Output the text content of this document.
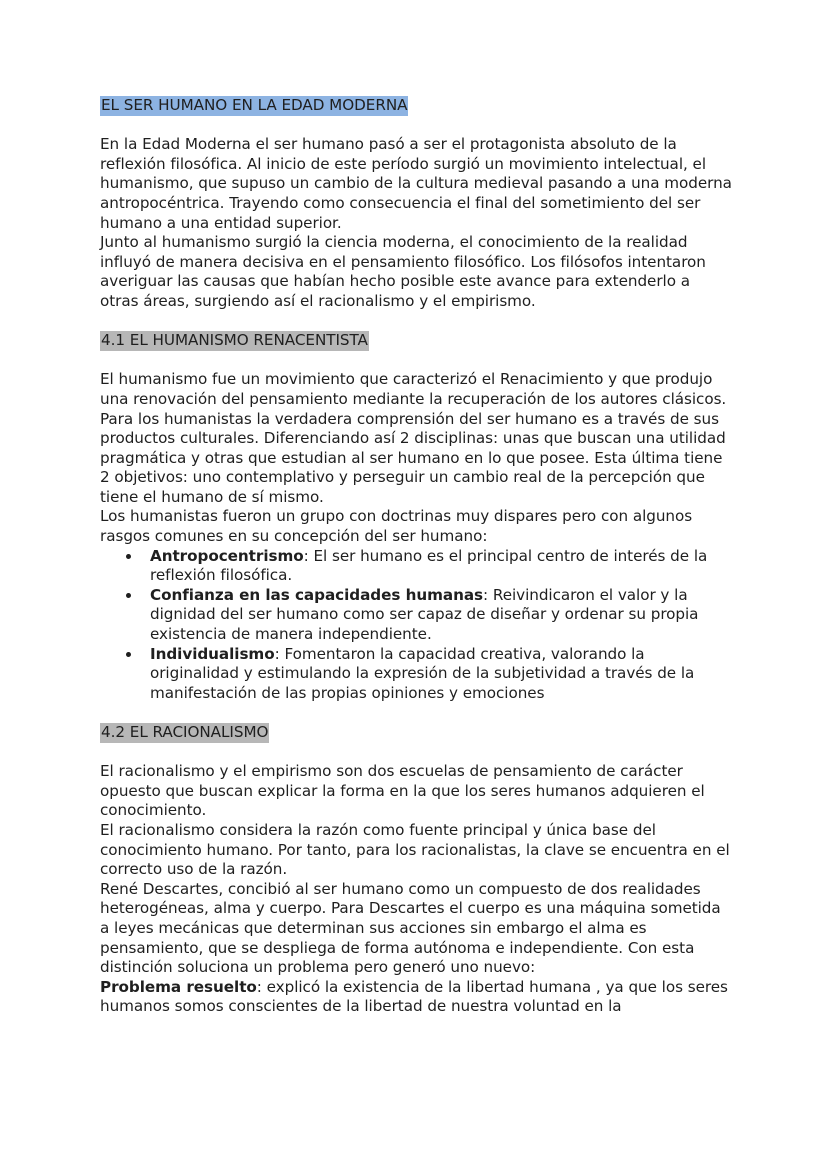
EL SER HUMANO EN LA EDAD MODERNA

En la Edad Moderna el ser humano pasó a ser el protagonista absoluto de la reflexión filosófica. Al inicio de este período surgió un movimiento intelectual, el humanismo, que supuso un cambio de la cultura medieval pasando a una moderna antropocéntrica. Trayendo como consecuencia el final del sometimiento del ser humano a una entidad superior.

Junto al humanismo surgió la ciencia moderna, el conocimiento de la realidad influyó de manera decisiva en el pensamiento filosófico. Los filósofos intentaron averiguar las causas que habían hecho posible este avance para extenderlo a otras áreas, surgiendo así el racionalismo y el empirismo.

4.1 EL HUMANISMO RENACENTISTA

El humanismo fue un movimiento que caracterizó el Renacimiento y que produjo una renovación del pensamiento mediante la recuperación de los autores clásicos. Para los humanistas la verdadera comprensión del ser humano es a través de sus productos culturales. Diferenciando así 2 disciplinas: unas que buscan una utilidad pragmática y otras que estudian al ser humano en lo que posee. Esta última tiene 2 objetivos: uno contemplativo y perseguir un cambio real de la percepción que tiene el humano de sí mismo.

Los humanistas fueron un grupo con doctrinas muy dispares pero con algunos rasgos comunes en su concepción del ser humano:

Antropocentrismo: El ser humano es el principal centro de interés de la reflexión filosófica.
Confianza en las capacidades humanas: Reivindicaron el valor y la dignidad del ser humano como ser capaz de diseñar y ordenar su propia existencia de manera independiente.
Individualismo: Fomentaron la capacidad creativa, valorando la originalidad y estimulando la expresión de la subjetividad a través de la manifestación de las propias opiniones y emociones
4.2 EL RACIONALISMO

El racionalismo y el empirismo son dos escuelas de pensamiento de carácter opuesto que buscan explicar la forma en la que los seres humanos adquieren el conocimiento.

El racionalismo considera la razón como fuente principal y única base del conocimiento humano. Por tanto, para los racionalistas, la clave se encuentra en el correcto uso de la razón.

René Descartes, concibió al ser humano como un compuesto de dos realidades heterogéneas, alma y cuerpo. Para Descartes el cuerpo es una máquina sometida a leyes mecánicas que determinan sus acciones sin embargo el alma es pensamiento, que se despliega de forma autónoma e independiente. Con esta distinción soluciona un problema pero generó uno nuevo:

Problema resuelto: explicó la existencia de la libertad humana , ya que los seres humanos somos conscientes de la libertad de nuestra voluntad en la
